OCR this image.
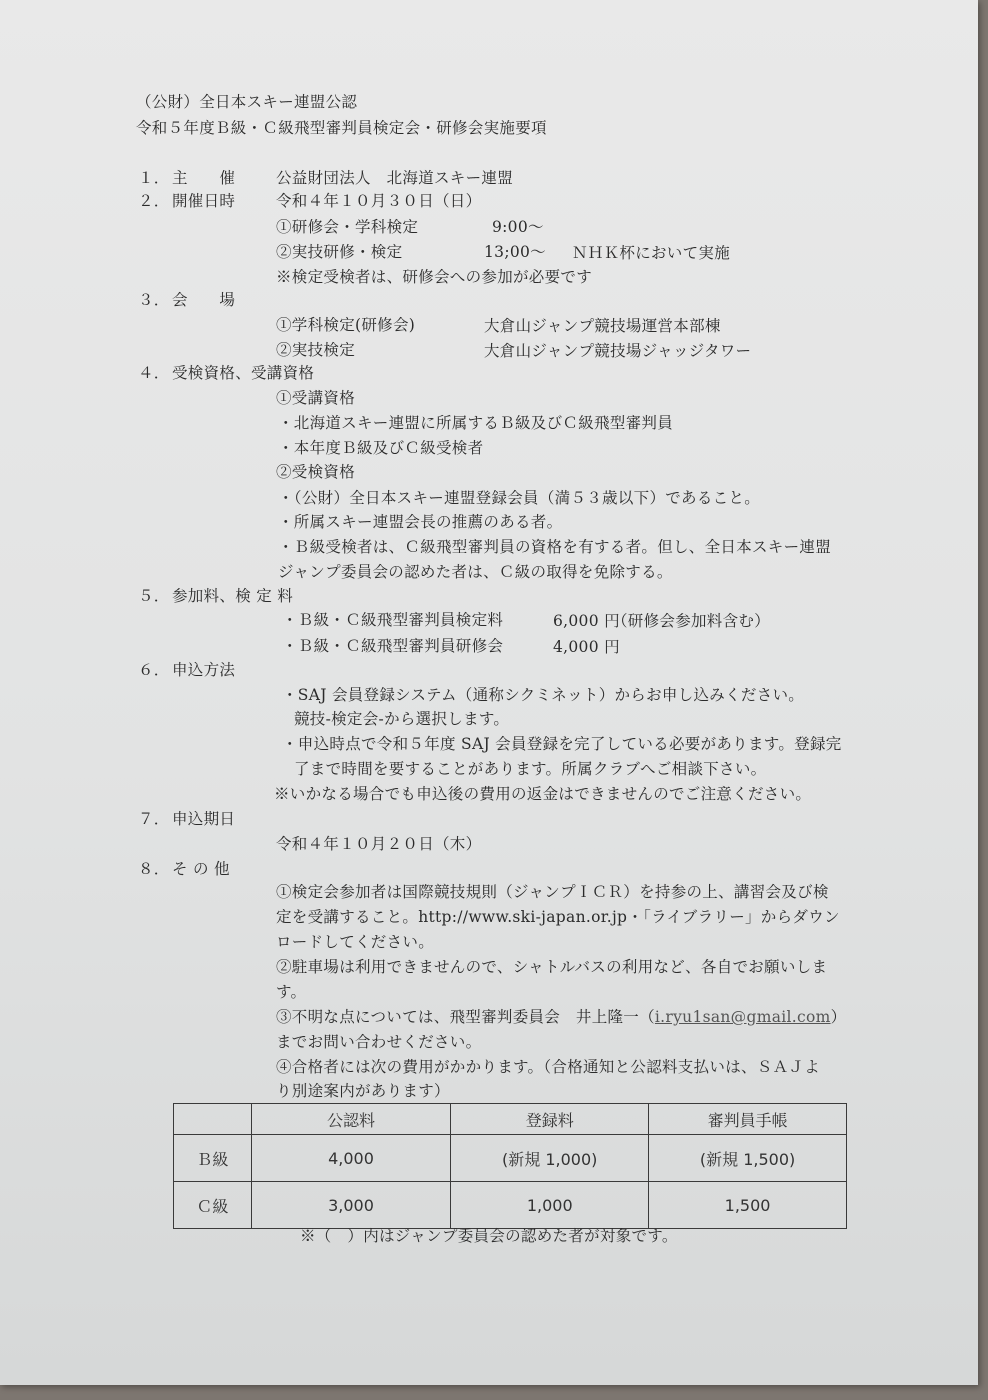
（公財）全日本スキー連盟公認
令和５年度Ｂ級・Ｃ級飛型審判員検定会・研修会実施要項
１． 主　　催	公益財団法人　北海道スキー連盟
２． 開催日時	令和４年１０月３０日（日）
①研修会・学科検定	9:00～
②実技研修・検定	13;00～ ＮＨＫ杯において実施
※検定受検者は、研修会への参加が必要です
３． 会　　場
①学科検定(研修会)	大倉山ジャンプ競技場運営本部棟
②実技検定	大倉山ジャンプ競技場ジャッジタワー
４． 受検資格、受講資格
①受講資格
・北海道スキー連盟に所属するＢ級及びＣ級飛型審判員
・本年度Ｂ級及びＣ級受検者
②受検資格
・（公財）全日本スキー連盟登録会員（満５３歳以下）であること。
・所属スキー連盟会長の推薦のある者。
・Ｂ級受検者は、Ｃ級飛型審判員の資格を有する者。但し、全日本スキー連盟
ジャンプ委員会の認めた者は、Ｃ級の取得を免除する。
５． 参加料、検 定 料
・Ｂ級・Ｃ級飛型審判員検定料	6,000 円
（研修会参加料含む）
・Ｂ級・Ｃ級飛型審判員研修会	4,000 円
６． 申込方法
・SAJ 会員登録システム（通称シクミネット）からお申し込みください。
競技-検定会-から選択します。
・申込時点で令和５年度 SAJ 会員登録を完了している必要があります。登録完
了まで時間を要することがあります。所属クラブへご相談下さい。
※いかなる場合でも申込後の費用の返金はできませんのでご注意ください。
７． 申込期日
令和４年１０月２０日（木）
８． そ の 他
①検定会参加者は国際競技規則（ジャンプＩＣＲ）を持参の上、講習会及び検
定を受講すること。http://www.ski-japan.or.jp・「ライブラリー」からダウン
ロードしてください。
②駐車場は利用できませんので、シャトルバスの利用など、各自でお願いしま
す。
③不明な点については、飛型審判委員会　井上隆一（i.ryu1san@gmail.com）
までお問い合わせください。
④合格者には次の費用がかかります。（合格通知と公認料支払いは、ＳＡＪよ
り別途案内があります）
	公認料	登録料	審判員手帳
Ｂ級	4,000	(新規 1,000)	(新規 1,500)
Ｃ級	3,000	1,000	1,500
※（　）内はジャンプ委員会の認めた者が対象です。
